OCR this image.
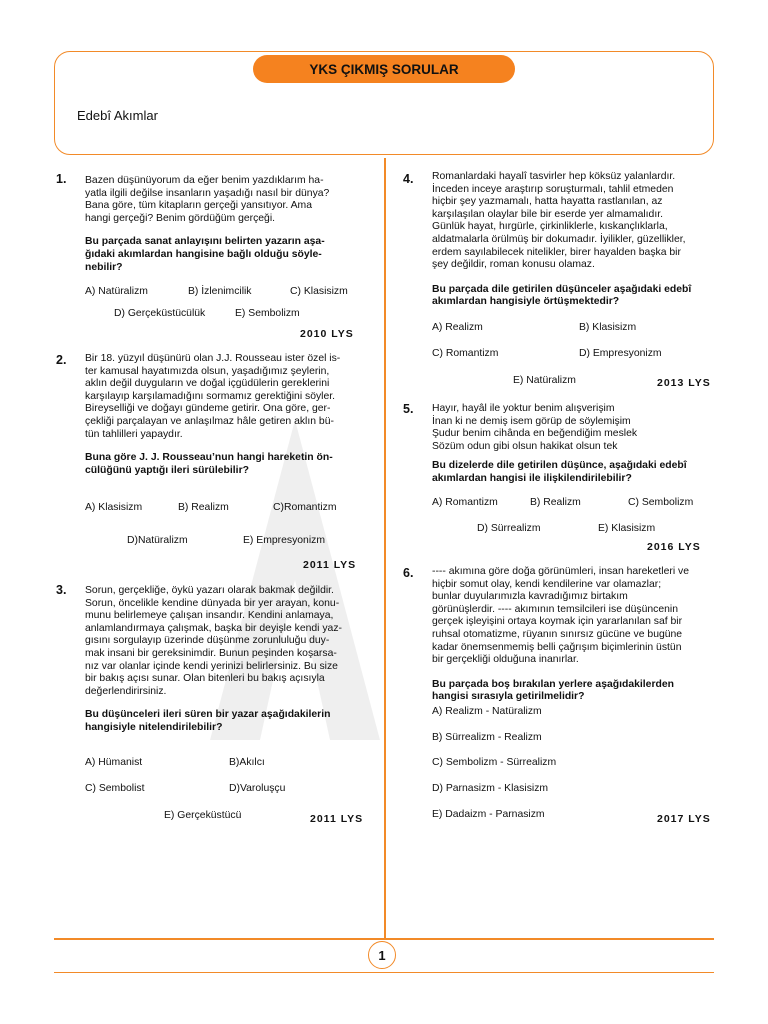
YKS ÇIKMIŞ SORULAR
Edebî Akımlar
1
1. Bazen düşünüyorum da eğer benim yazdıklarım ha-
yatla ilgili değilse insanların yaşadığı nasıl bir dünya?
Bana göre, tüm kitapların gerçeği yansıtıyor. Ama
hangi gerçeği? Benim gördüğüm gerçeği.
Bu parçada sanat anlayışını belirten yazarın aşa-
ğıdaki akımlardan hangisine bağlı olduğu söyle-
nebilir?
A) Natüralizm	B) İzlenimcilik	C) Klasisizm
D) Gerçeküstücülük	E) Sembolizm
2010 LYS
2. Bir 18. yüzyıl düşünürü olan J.J. Rousseau ister özel is-
ter kamusal hayatımızda olsun, yaşadığımız şeylerin,
aklın değil duyguların ve doğal içgüdülerin gereklerini
karşılayıp karşılamadığını sormamız gerektiğini söyler.
Bireyselliği ve doğayı gündeme getirir. Ona göre, ger-
çekliği parçalayan ve anlaşılmaz hâle getiren aklın bü-
tün tahlilleri yapaydır.
Buna göre J. J. Rousseau’nun hangi hareketin ön-
cülüğünü yaptığı ileri sürülebilir?
A) Klasisizm	B) Realizm	C)Romantizm
D)Natüralizm	E) Empresyonizm
2011 LYS
3. Sorun, gerçekliğe, öykü yazarı olarak bakmak değildir.
Sorun, öncelikle kendine dünyada bir yer arayan, konu-
munu belirlemeye çalışan insandır. Kendini anlamaya,
anlamlandırmaya çalışmak, başka bir deyişle kendi yaz-
gısını sorgulayıp üzerinde düşünme zorunluluğu duy-
mak insani bir gereksinimdir. Bunun peşinden koşarsa-
nız var olanlar içinde kendi yerinizi belirlersiniz. Bu size
bir bakış açısı sunar. Olan bitenleri bu bakış açısıyla
değerlendirirsiniz.
Bu düşünceleri ileri süren bir yazar aşağıdakilerin
hangisiyle nitelendirilebilir?
A) Hümanist	B)Akılcı
C) Sembolist	D)Varoluşçu
E) Gerçeküstücü	2011 LYS
4. Romanlardaki hayalî tasvirler hep köksüz yalanlardır.
İnceden inceye araştırıp soruşturmalı, tahlil etmeden
hiçbir şey yazmamalı, hatta hayatta rastlanılan, az
karşılaşılan olaylar bile bir eserde yer almamalıdır.
Günlük hayat, hırgürle, çirkinliklerle, kıskançlıklarla,
aldatmalarla örülmüş bir dokumadır. İyilikler, güzellikler,
erdem sayılabilecek nitelikler, birer hayalden başka bir
şey değildir, roman konusu olamaz.
Bu parçada dile getirilen düşünceler aşağıdaki edebî
akımlardan hangisiyle örtüşmektedir?
A) Realizm	B) Klasisizm
C) Romantizm	D) Empresyonizm
E) Natüralizm	2013 LYS
5. Hayır, hayâl ile yoktur benim alışverişim
İnan ki ne demiş isem görüp de söylemişim
Şudur benim cihânda en beğendiğim meslek
Sözüm odun gibi olsun hakikat olsun tek
Bu dizelerde dile getirilen düşünce, aşağıdaki edebî
akımlardan hangisi ile ilişkilendirilebilir?
A) Romantizm	B) Realizm	C) Sembolizm
D) Sürrealizm	E) Klasisizm
2016 LYS
6. ---- akımına göre doğa görünümleri, insan hareketleri ve
hiçbir somut olay, kendi kendilerine var olamazlar;
bunlar duyularımızla kavradığımız birtakım
görünüşlerdir. ---- akımının temsilcileri ise düşüncenin
gerçek işleyişini ortaya koymak için yararlanılan saf bir
ruhsal otomatizme, rüyanın sınırsız gücüne ve bugüne
kadar önemsenmemiş belli çağrışım biçimlerinin üstün
bir gerçekliği olduğuna inanırlar.
Bu parçada boş bırakılan yerlere aşağıdakilerden
hangisi sırasıyla getirilmelidir?
A) Realizm - Natüralizm
B) Sürrealizm - Realizm
C) Sembolizm - Sürrealizm
D) Parnasizm - Klasisizm
E) Dadaizm - Parnasizm	2017 LYS
